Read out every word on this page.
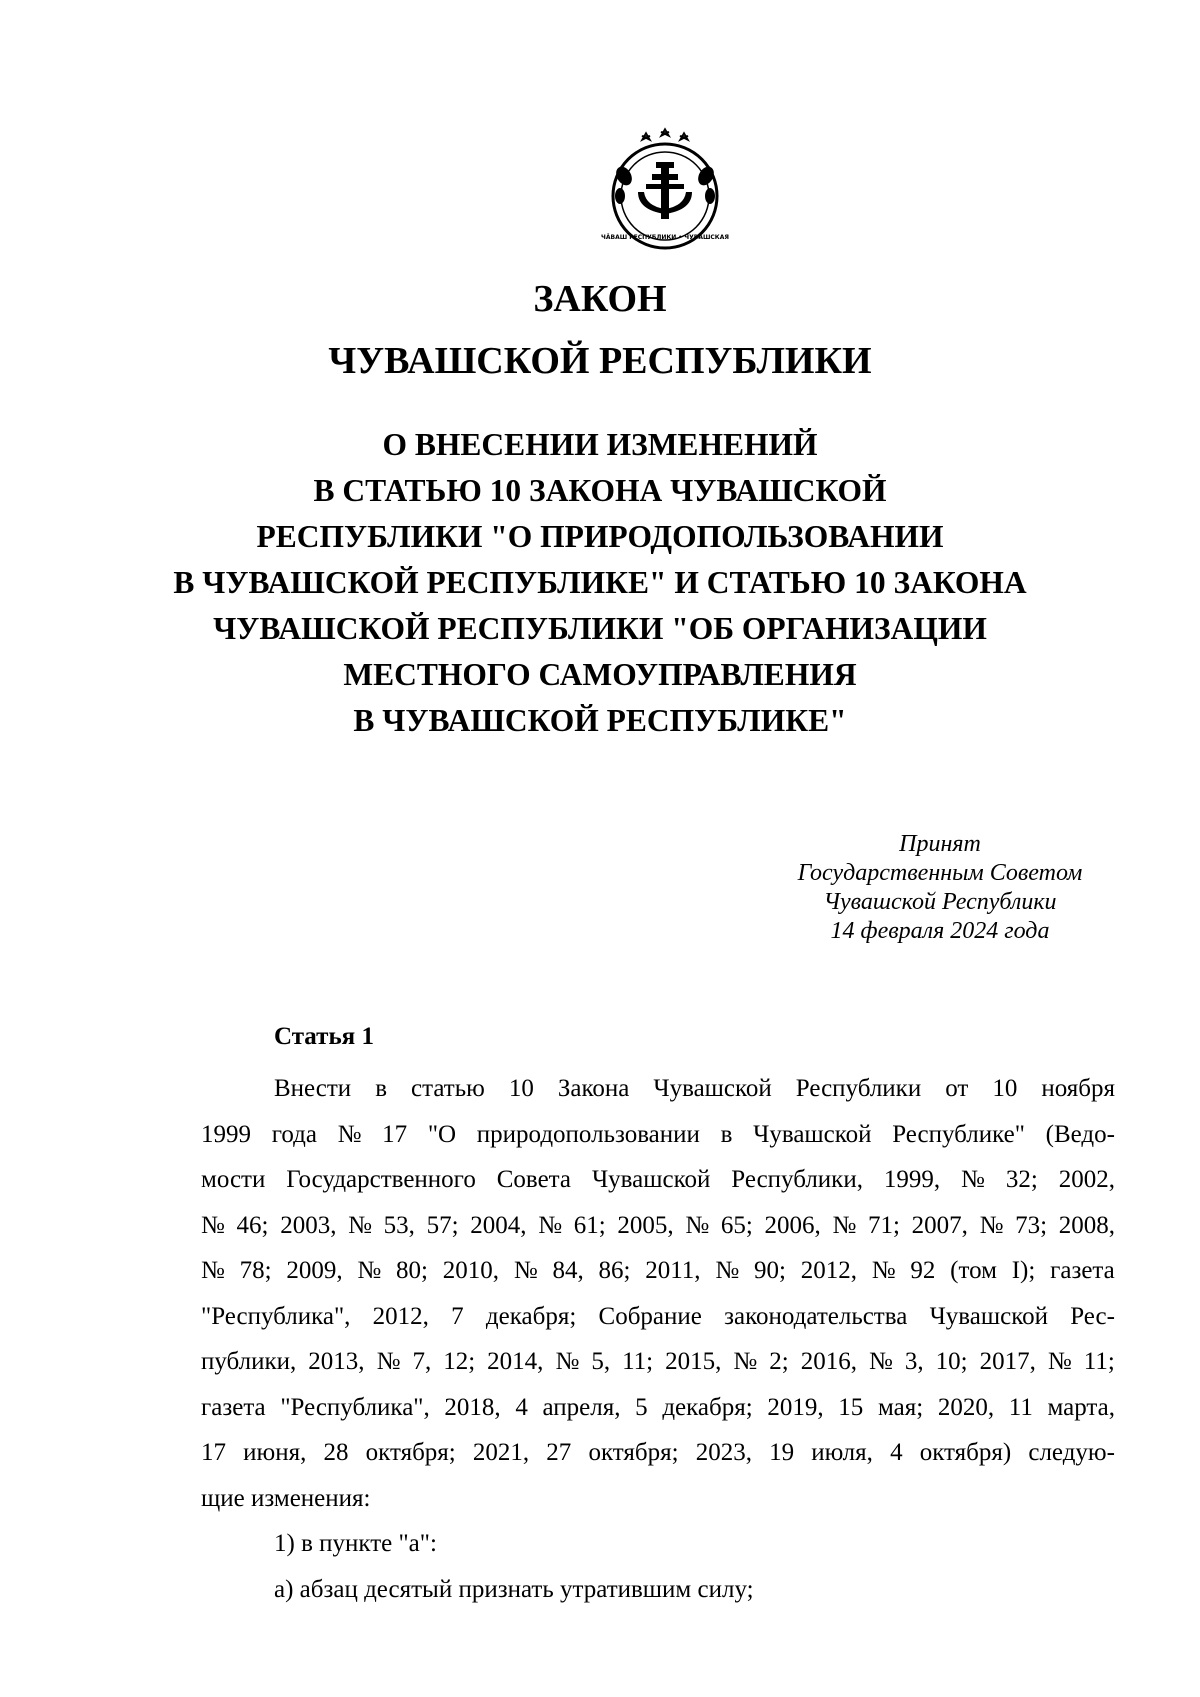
ЧӐВАШ РЕСПУБЛИКИ • ЧУВАШСКАЯ
ЗАКОН
ЧУВАШСКОЙ РЕСПУБЛИКИ
О ВНЕСЕНИИ ИЗМЕНЕНИЙ
В СТАТЬЮ 10 ЗАКОНА ЧУВАШСКОЙ
РЕСПУБЛИКИ "О ПРИРОДОПОЛЬЗОВАНИИ
В ЧУВАШСКОЙ РЕСПУБЛИКЕ" И СТАТЬЮ 10 ЗАКОНА
ЧУВАШСКОЙ РЕСПУБЛИКИ "ОБ ОРГАНИЗАЦИИ
МЕСТНОГО САМОУПРАВЛЕНИЯ
В ЧУВАШСКОЙ РЕСПУБЛИКЕ"
Принят
Государственным Советом
Чувашской Республики
14 февраля 2024 года
Статья 1
Внести в статью 10 Закона Чувашской Республики от 10 ноября
1999 года № 17 "О природопользовании в Чувашской Республике" (Ведо-
мости Государственного Совета Чувашской Республики, 1999, № 32; 2002,
№ 46; 2003, № 53, 57; 2004, № 61; 2005, № 65; 2006, № 71; 2007, № 73; 2008,
№ 78; 2009, № 80; 2010, № 84, 86; 2011, № 90; 2012, № 92 (том I); газета
"Республика", 2012, 7 декабря; Собрание законодательства Чувашской Рес-
публики, 2013, № 7, 12; 2014, № 5, 11; 2015, № 2; 2016, № 3, 10; 2017, № 11;
газета "Республика", 2018, 4 апреля, 5 декабря; 2019, 15 мая; 2020, 11 марта,
17 июня, 28 октября; 2021, 27 октября; 2023, 19 июля, 4 октября) следую-
щие изменения:
1) в пункте "а":
а) абзац десятый признать утратившим силу;
